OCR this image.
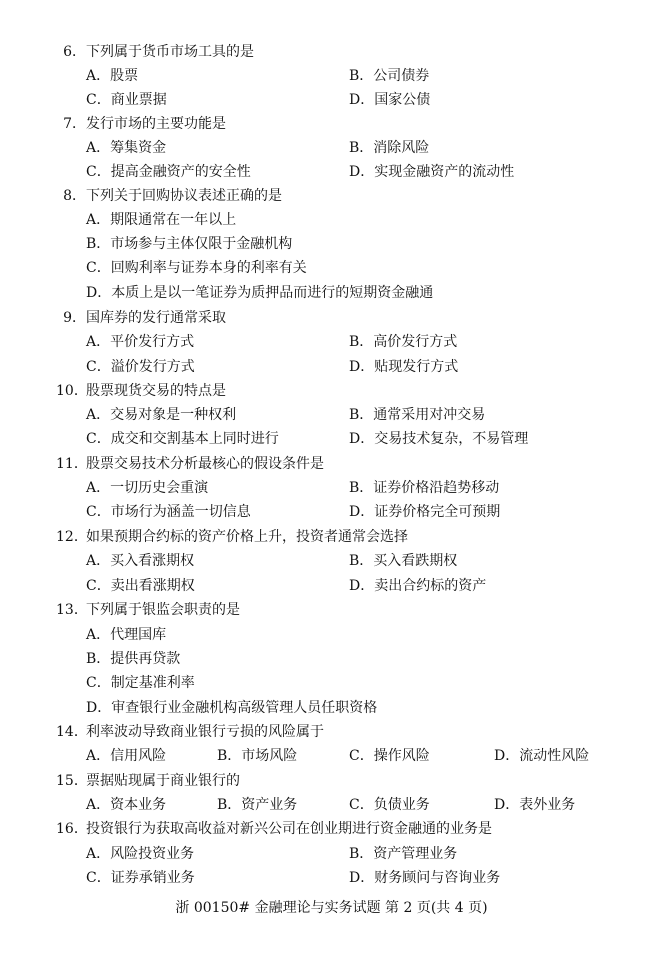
6．下列属于货币市场工具的是
A．股票	B．公司债券
C．商业票据	D．国家公债
7．发行市场的主要功能是
A．筹集资金	B．消除风险
C．提高金融资产的安全性	D．实现金融资产的流动性
8．下列关于回购协议表述正确的是
A．期限通常在一年以上
B．市场参与主体仅限于金融机构
C．回购利率与证券本身的利率有关
D．本质上是以一笔证券为质押品而进行的短期资金融通
9．国库券的发行通常采取
A．平价发行方式	B．高价发行方式
C．溢价发行方式	D．贴现发行方式
10．股票现货交易的特点是
A．交易对象是一种权利	B．通常采用对冲交易
C．成交和交割基本上同时进行	D．交易技术复杂，不易管理
11．股票交易技术分析最核心的假设条件是
A．一切历史会重演	B．证券价格沿趋势移动
C．市场行为涵盖一切信息	D．证券价格完全可预期
12．如果预期合约标的资产价格上升，投资者通常会选择
A．买入看涨期权	B．买入看跌期权
C．卖出看涨期权	D．卖出合约标的资产
13．下列属于银监会职责的是
A．代理国库
B．提供再贷款
C．制定基准利率
D．审查银行业金融机构高级管理人员任职资格
14．利率波动导致商业银行亏损的风险属于
A．信用风险	B．市场风险	C．操作风险	D．流动性风险
15．票据贴现属于商业银行的
A．资本业务	B．资产业务	C．负债业务	D．表外业务
16．投资银行为获取高收益对新兴公司在创业期进行资金融通的业务是
A．风险投资业务	B．资产管理业务
C．证券承销业务	D．财务顾问与咨询业务
浙 00150# 金融理论与实务试题 第 2 页(共 4 页)
